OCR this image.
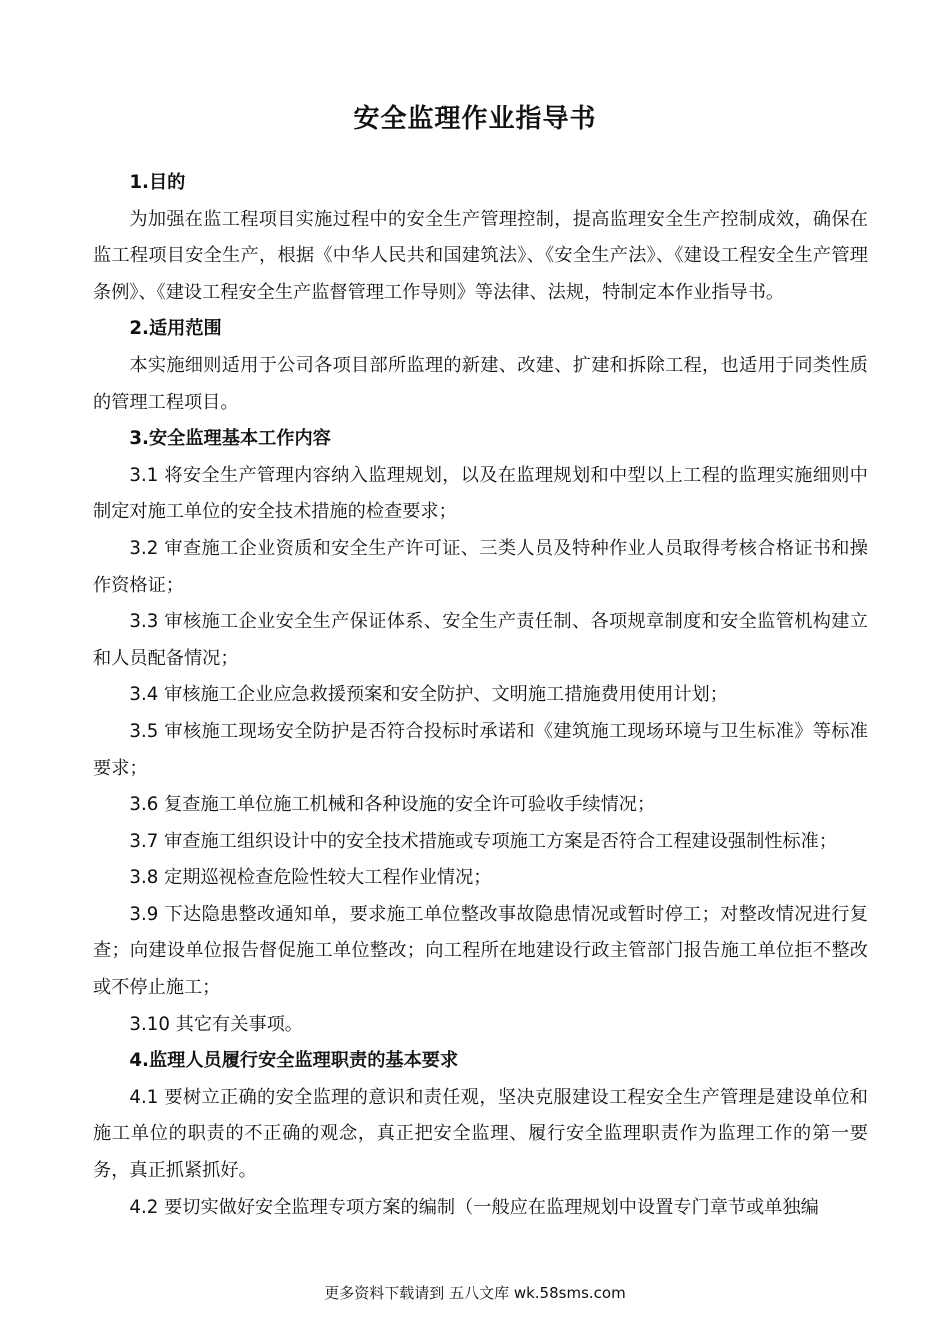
安全监理作业指导书

1.目的

为加强在监工程项目实施过程中的安全生产管理控制，提高监理安全生产控制成效，确保在监工程项目安全生产，根据《中华人民共和国建筑法》、《安全生产法》、《建设工程安全生产管理条例》、《建设工程安全生产监督管理工作导则》等法律、法规，特制定本作业指导书。

2.适用范围

本实施细则适用于公司各项目部所监理的新建、改建、扩建和拆除工程，也适用于同类性质的管理工程项目。

3.安全监理基本工作内容

3.1 将安全生产管理内容纳入监理规划，以及在监理规划和中型以上工程的监理实施细则中制定对施工单位的安全技术措施的检查要求；

3.2 审查施工企业资质和安全生产许可证、三类人员及特种作业人员取得考核合格证书和操作资格证；

3.3 审核施工企业安全生产保证体系、安全生产责任制、各项规章制度和安全监管机构建立和人员配备情况；

3.4 审核施工企业应急救援预案和安全防护、文明施工措施费用使用计划；

3.5 审核施工现场安全防护是否符合投标时承诺和《建筑施工现场环境与卫生标准》等标准要求；

3.6 复查施工单位施工机械和各种设施的安全许可验收手续情况；

3.7 审查施工组织设计中的安全技术措施或专项施工方案是否符合工程建设强制性标准；

3.8 定期巡视检查危险性较大工程作业情况；

3.9 下达隐患整改通知单，要求施工单位整改事故隐患情况或暂时停工；对整改情况进行复查；向建设单位报告督促施工单位整改；向工程所在地建设行政主管部门报告施工单位拒不整改或不停止施工；

3.10 其它有关事项。

4.监理人员履行安全监理职责的基本要求

4.1 要树立正确的安全监理的意识和责任观，坚决克服建设工程安全生产管理是建设单位和施工单位的职责的不正确的观念，真正把安全监理、履行安全监理职责作为监理工作的第一要务，真正抓紧抓好。

4.2 要切实做好安全监理专项方案的编制（一般应在监理规划中设置专门章节或单独编

更多资料下载请到 五八文库 wk.58sms.com
